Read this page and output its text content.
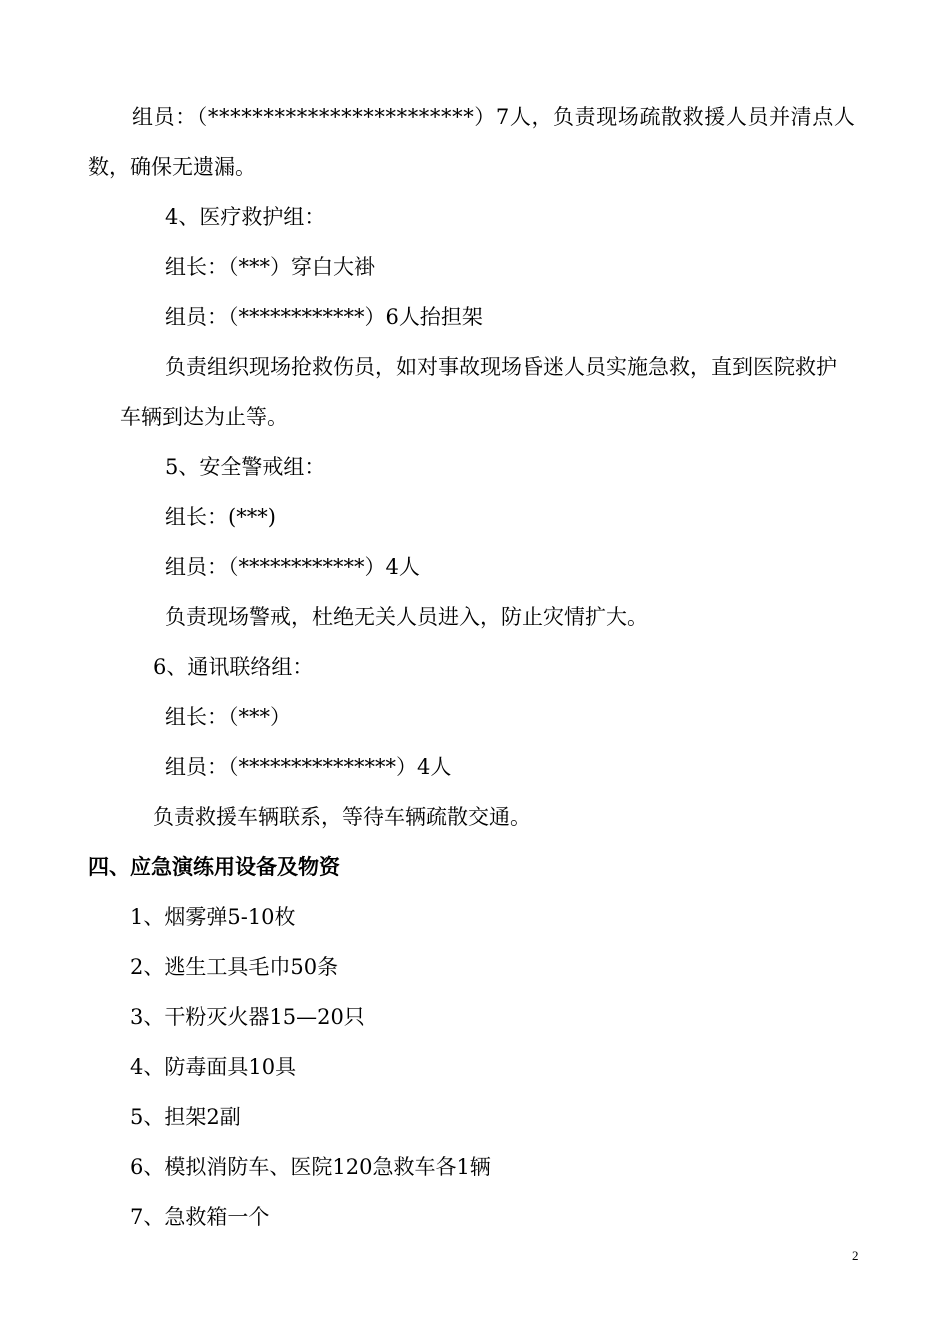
组员：（************************）7人，负责现场疏散救援人员并清点人
数，确保无遗漏。
4、医疗救护组：
组长：（***）穿白大褂
组员：（************）6人抬担架
负责组织现场抢救伤员，如对事故现场昏迷人员实施急救，直到医院救护
车辆到达为止等。
5、安全警戒组：
组长：(***)
组员：（************）4人
负责现场警戒，杜绝无关人员进入，防止灾情扩大。
6、通讯联络组：
组长：（***）
组员：（***************）4人
负责救援车辆联系，等待车辆疏散交通。
四、应急演练用设备及物资
1、烟雾弹5-10枚
2、逃生工具毛巾50条
3、干粉灭火器15—20只
4、防毒面具10具
5、担架2副
6、模拟消防车、医院120急救车各1辆
7、急救箱一个
2
